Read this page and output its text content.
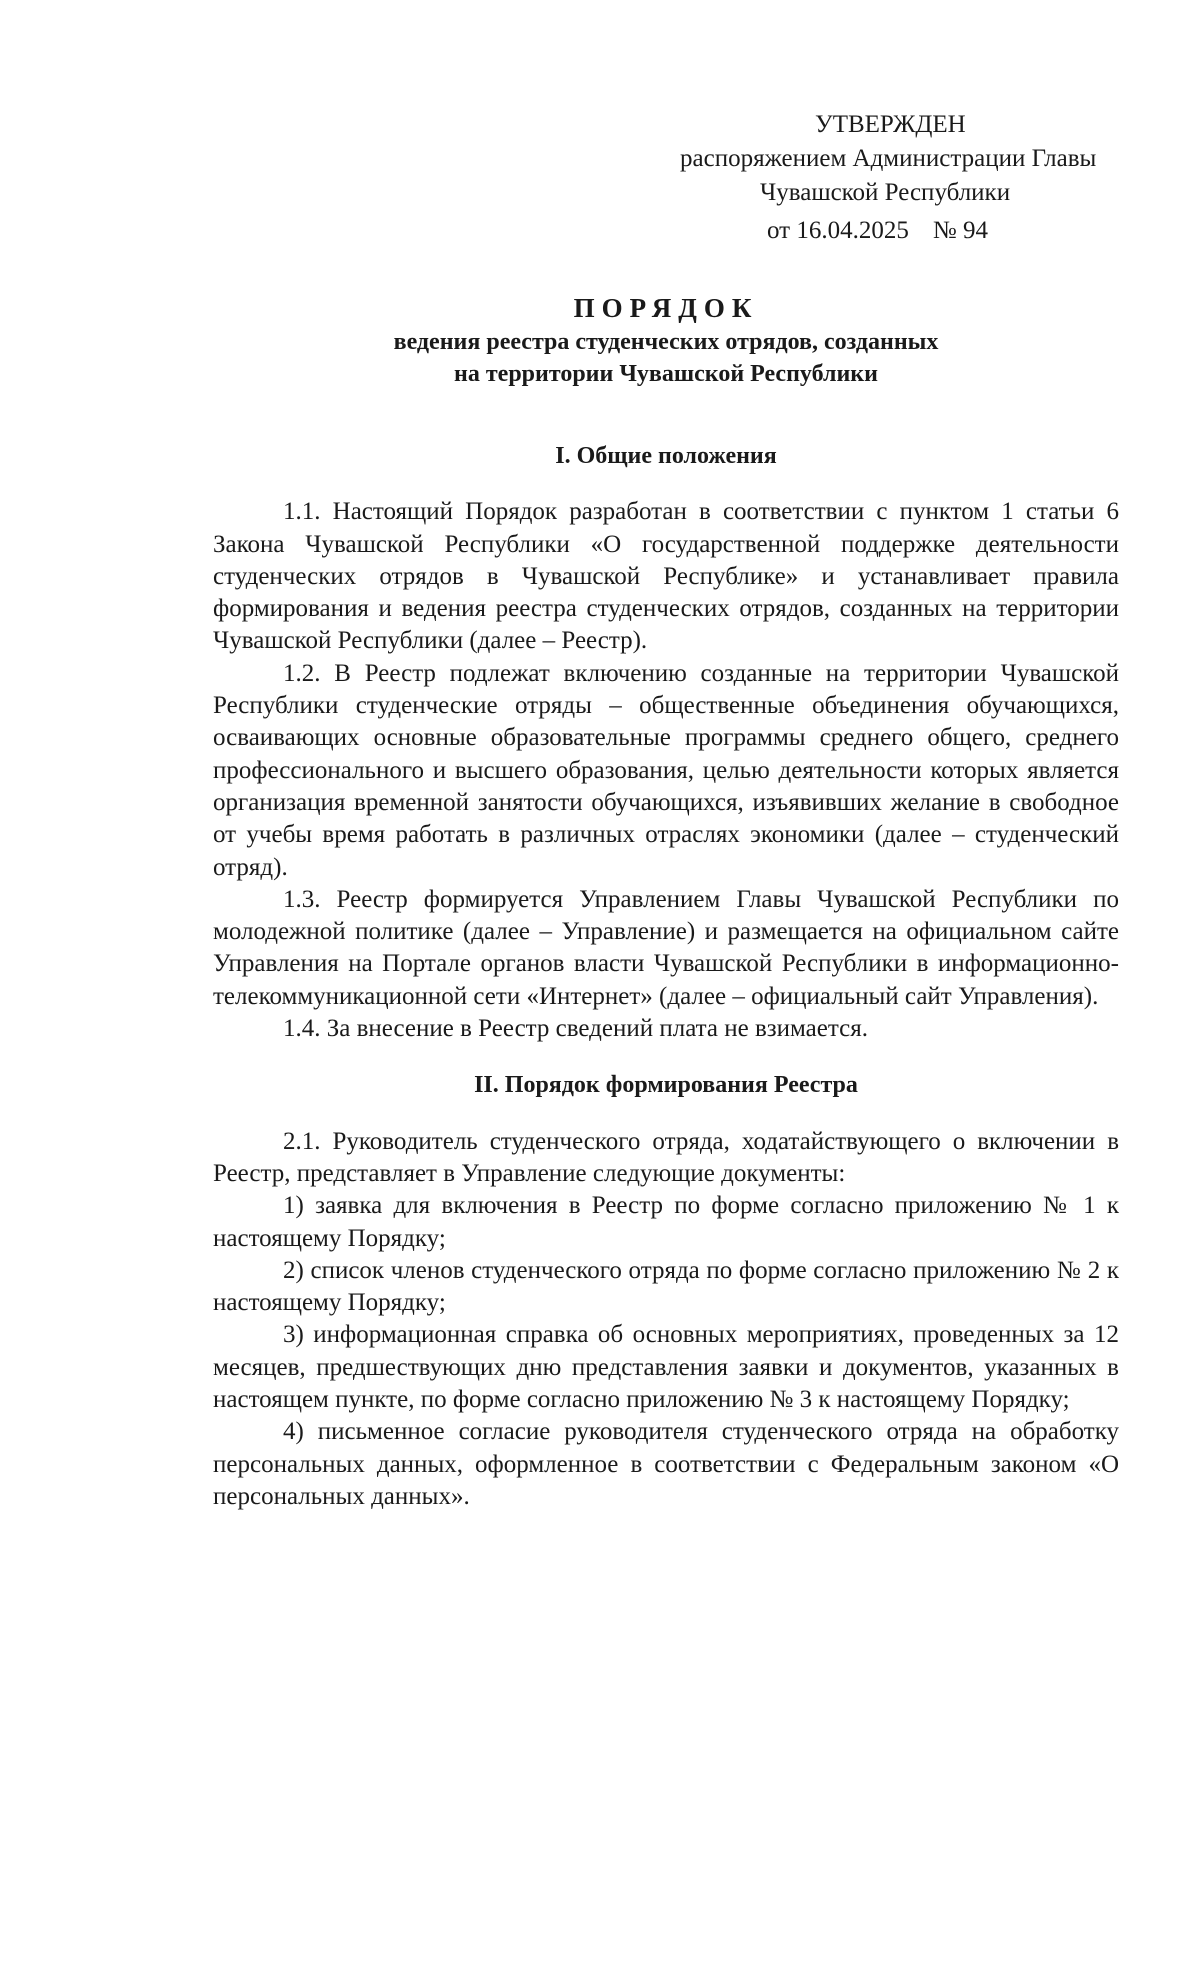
УТВЕРЖДЕН
распоряжением Администрации Главы
Чувашской Республики
от 16.04.2025 № 94
ПОРЯДОК
ведения реестра студенческих отрядов, созданных
на территории Чувашской Республики
I. Общие положения

1.1. Настоящий Порядок разработан в соответствии с пунктом 1 статьи 6 Закона Чувашской Республики «О государственной поддержке деятельности студенческих отрядов в Чувашской Республике» и устанавливает правила формирования и ведения реестра студенческих отрядов, созданных на территории Чувашской Республики (далее – Реестр).

1.2. В Реестр подлежат включению созданные на территории Чувашской Республики студенческие отряды – общественные объединения обучающихся, осваивающих основные образовательные программы среднего общего, среднего профессионального и высшего образования, целью деятельности которых является организация временной занятости обучающихся, изъявивших желание в свободное от учебы время работать в различных отраслях экономики (далее – студенческий отряд).

1.3. Реестр формируется Управлением Главы Чувашской Республики по молодежной политике (далее – Управление) и размещается на официальном сайте Управления на Портале органов власти Чувашской Республики в информационно-телекоммуникационной сети «Интернет» (далее – официальный сайт Управления).

1.4. За внесение в Реестр сведений плата не взимается.

II. Порядок формирования Реестра

2.1. Руководитель студенческого отряда, ходатайствующего о включении в Реестр, представляет в Управление следующие документы:

1) заявка для включения в Реестр по форме согласно приложению № 1 к настоящему Порядку;

2) список членов студенческого отряда по форме согласно приложению № 2 к настоящему Порядку;

3) информационная справка об основных мероприятиях, проведенных за 12 месяцев, предшествующих дню представления заявки и документов, указанных в настоящем пункте, по форме согласно приложению № 3 к настоящему Порядку;

4) письменное согласие руководителя студенческого отряда на обработку персональных данных, оформленное в соответствии с Федеральным законом «О персональных данных».
